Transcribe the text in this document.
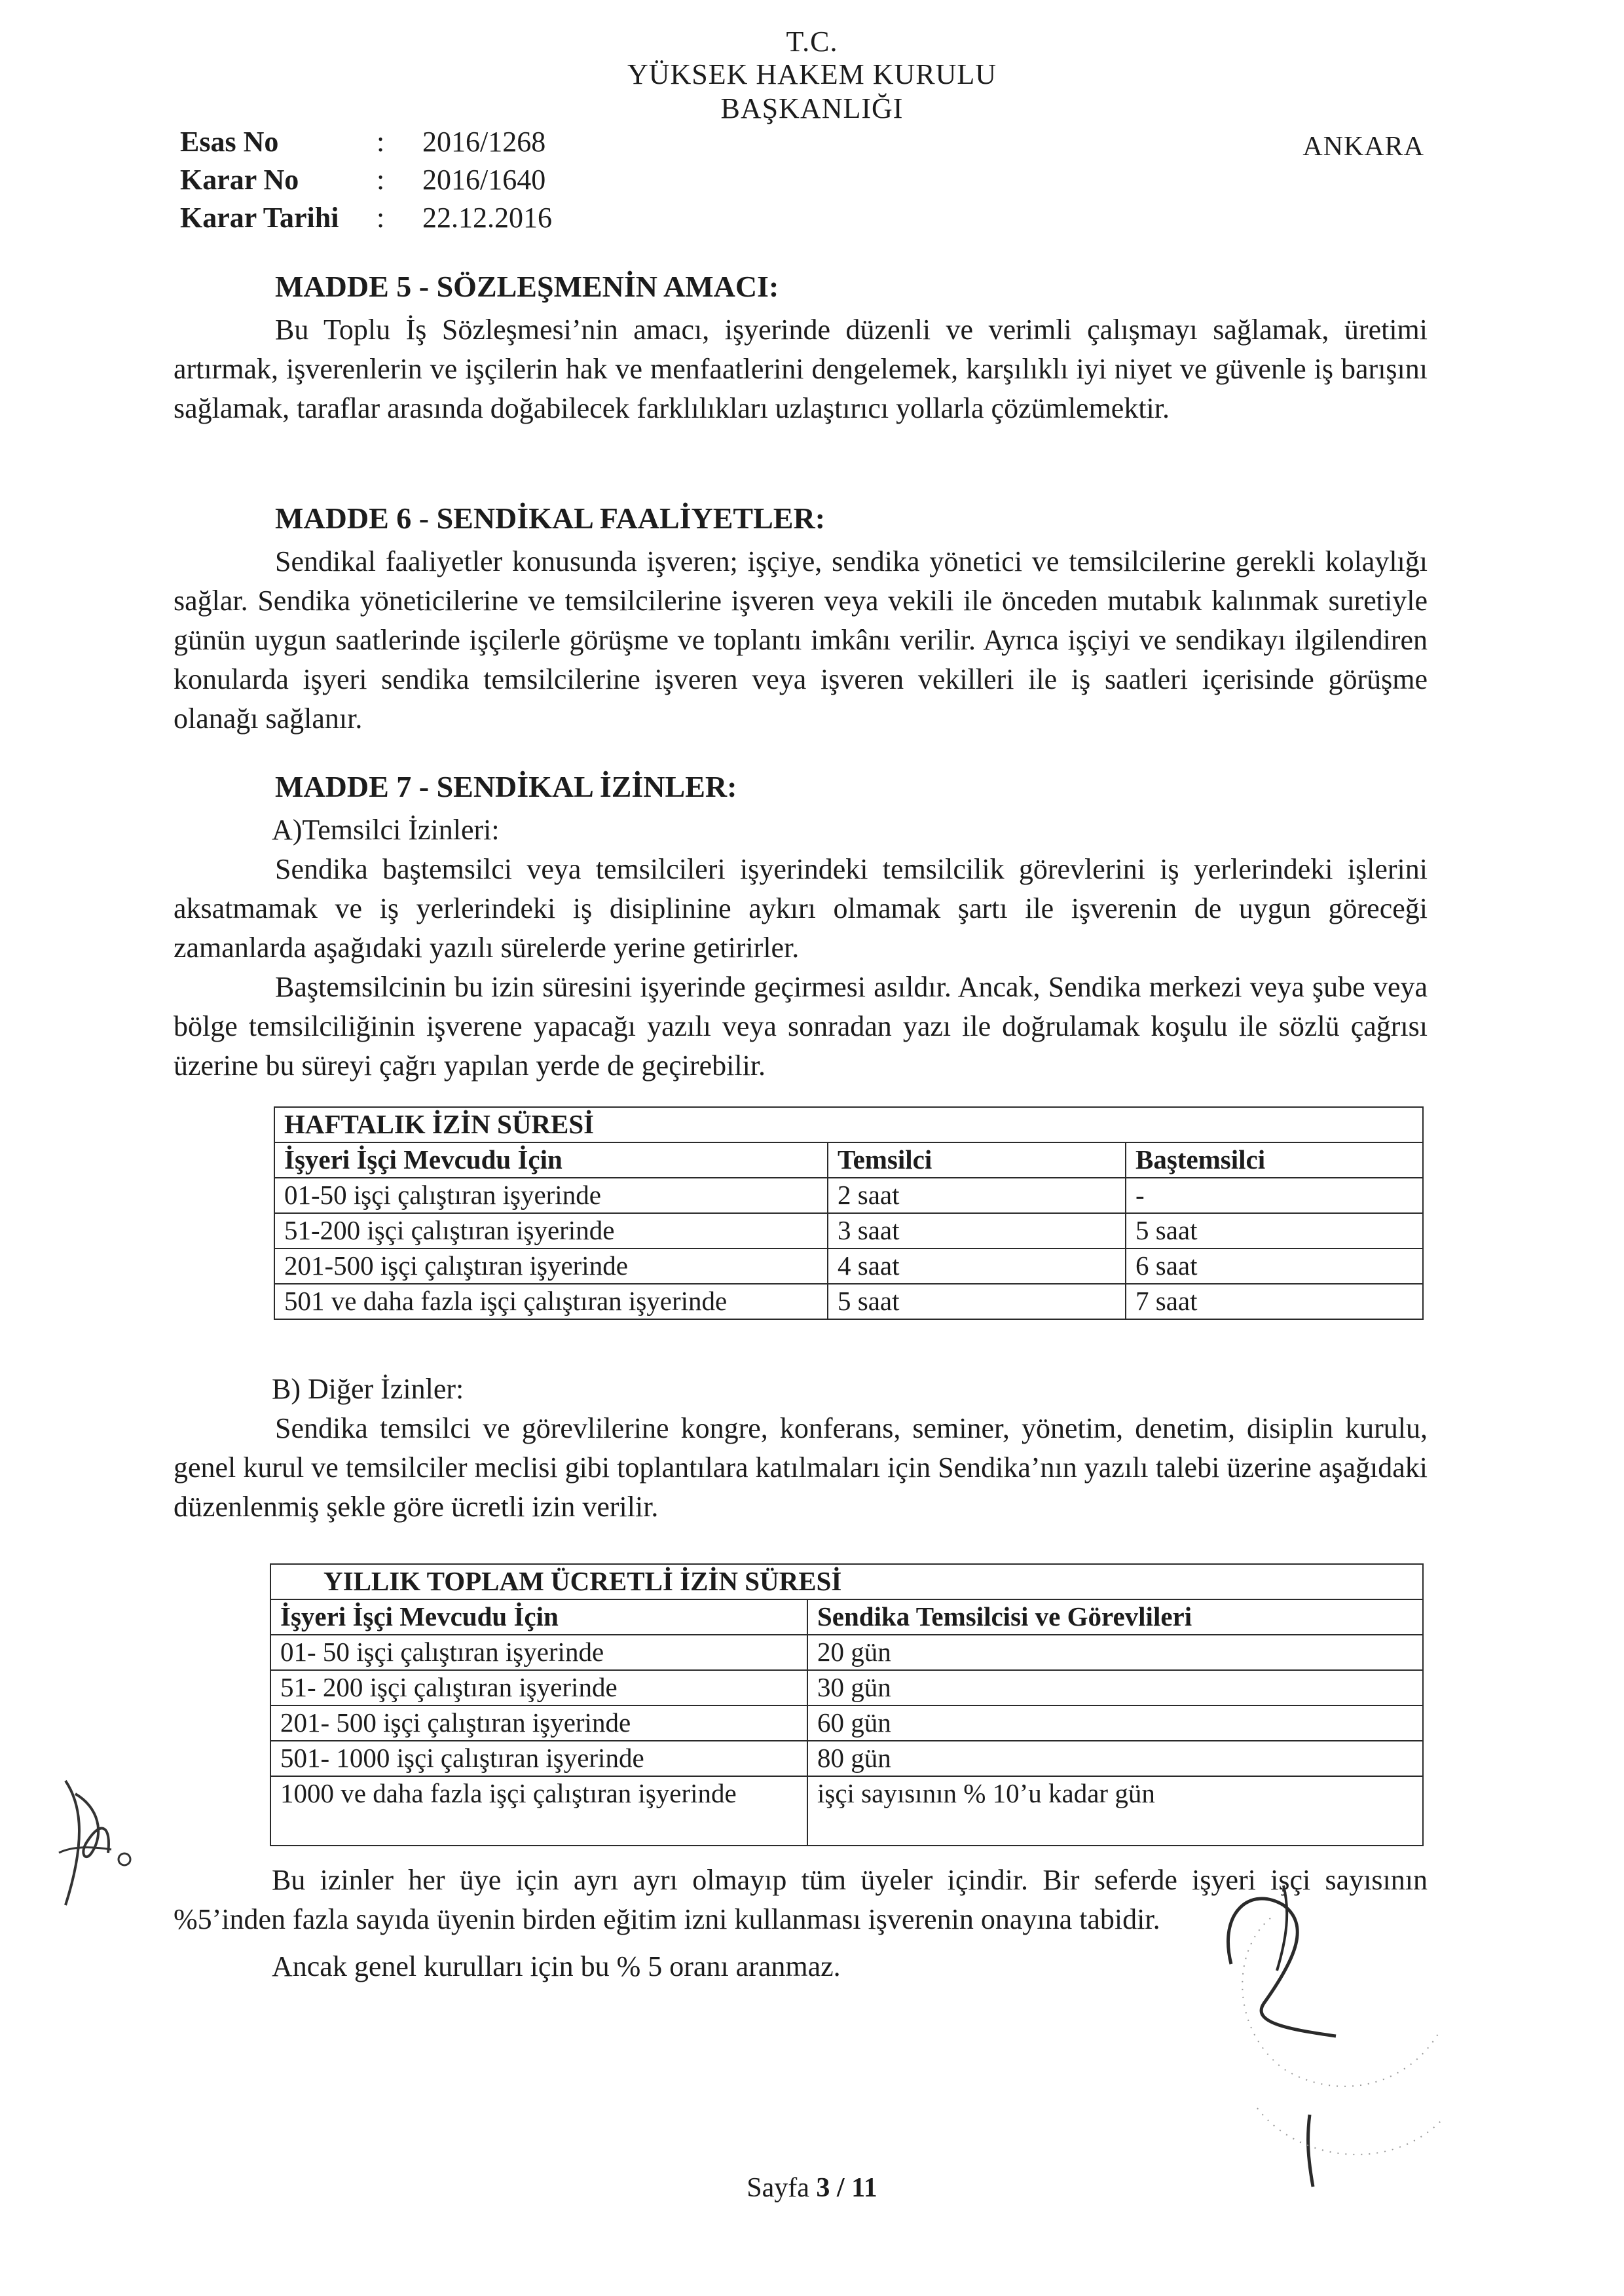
T.C.
YÜKSEK HAKEM KURULU
BAŞKANLIĞI
ANKARA
Esas No	:	2016/1268
Karar No	:	2016/1640
Karar Tarihi	:	22.12.2016

MADDE 5 - SÖZLEŞMENİN AMACI:

Bu Toplu İş Sözleşmesi’nin amacı, işyerinde düzenli ve verimli çalışmayı sağlamak, üretimi artırmak, işverenlerin ve işçilerin hak ve menfaatlerini dengelemek, karşılıklı iyi niyet ve güvenle iş barışını sağlamak, taraflar arasında doğabilecek farklılıkları uzlaştırıcı yollarla çözümlemektir.

MADDE 6 - SENDİKAL FAALİYETLER:

Sendikal faaliyetler konusunda işveren; işçiye, sendika yönetici ve temsilcilerine gerekli kolaylığı sağlar. Sendika yöneticilerine ve temsilcilerine işveren veya vekili ile önceden mutabık kalınmak suretiyle günün uygun saatlerinde işçilerle görüşme ve toplantı imkânı verilir. Ayrıca işçiyi ve sendikayı ilgilendiren konularda işyeri sendika temsilcilerine işveren veya işveren vekilleri ile iş saatleri içerisinde görüşme olanağı sağlanır.

MADDE 7 - SENDİKAL İZİNLER:

A)Temsilci İzinleri:

Sendika baştemsilci veya temsilcileri işyerindeki temsilcilik görevlerini iş yerlerindeki işlerini aksatmamak ve iş yerlerindeki iş disiplinine aykırı olmamak şartı ile işverenin de uygun göreceği zamanlarda aşağıdaki yazılı sürelerde yerine getirirler.

Baştemsilcinin bu izin süresini işyerinde geçirmesi asıldır. Ancak, Sendika merkezi veya şube veya bölge temsilciliğinin işverene yapacağı yazılı veya sonradan yazı ile doğrulamak koşulu ile sözlü çağrısı üzerine bu süreyi çağrı yapılan yerde de geçirebilir.

HAFTALIK İZİN SÜRESİ		
İşyeri İşçi Mevcudu İçin	Temsilci	Baştemsilci
01-50 işçi çalıştıran işyerinde	2 saat	-
51-200 işçi çalıştıran işyerinde	3 saat	5 saat
201-500 işçi çalıştıran işyerinde	4 saat	6 saat
501 ve daha fazla işçi çalıştıran işyerinde	5 saat	7 saat

B) Diğer İzinler:

Sendika temsilci ve görevlilerine kongre, konferans, seminer, yönetim, denetim, disiplin kurulu, genel kurul ve temsilciler meclisi gibi toplantılara katılmaları için Sendika’nın yazılı talebi üzerine aşağıdaki düzenlenmiş şekle göre ücretli izin verilir.

YILLIK TOPLAM ÜCRETLİ İZİN SÜRESİ	
İşyeri İşçi Mevcudu İçin	Sendika Temsilcisi ve Görevlileri
01- 50 işçi çalıştıran işyerinde	20 gün
51- 200 işçi çalıştıran işyerinde	30 gün
201- 500 işçi çalıştıran işyerinde	60 gün
501- 1000 işçi çalıştıran işyerinde	80 gün
1000 ve daha fazla işçi çalıştıran işyerinde	işçi sayısının % 10’u kadar gün

Bu izinler her üye için ayrı ayrı olmayıp tüm üyeler içindir. Bir seferde işyeri işçi sayısının %5’inden fazla sayıda üyenin birden eğitim izni kullanması işverenin onayına tabidir.

Ancak genel kurulları için bu % 5 oranı aranmaz.

Sayfa 3 / 11
